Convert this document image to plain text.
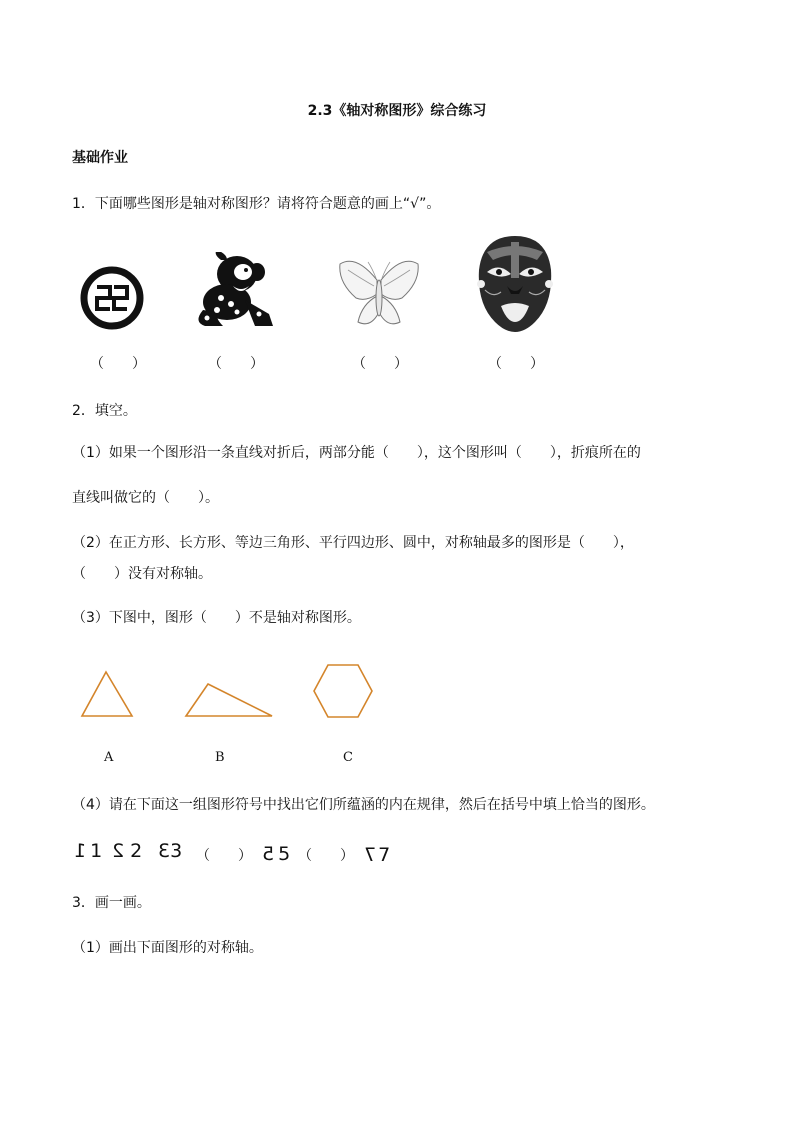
2.3《轴对称图形》综合练习
基础作业
1．下面哪些图形是轴对称图形？请将符合题意的画上“√”。
（　　）	（　　）	（　　）	（　　）
2．填空。
（1）如果一个图形沿一条直线对折后，两部分能（　　），这个图形叫（　　），折痕所在的
直线叫做它的（　　）。
（2）在正方形、长方形、等边三角形、平行四边形、圆中，对称轴最多的图形是（　　），
（　　）没有对称轴。
（3）下图中，图形（　　）不是轴对称图形。
A	B	C
（4）请在下面这一组图形符号中找出它们所蕴涵的内在规律，然后在括号中填上恰当的图形。
1 1 2 2 33 （　　） 5 5 （　　） 7 7
3．画一画。
（1）画出下面图形的对称轴。
